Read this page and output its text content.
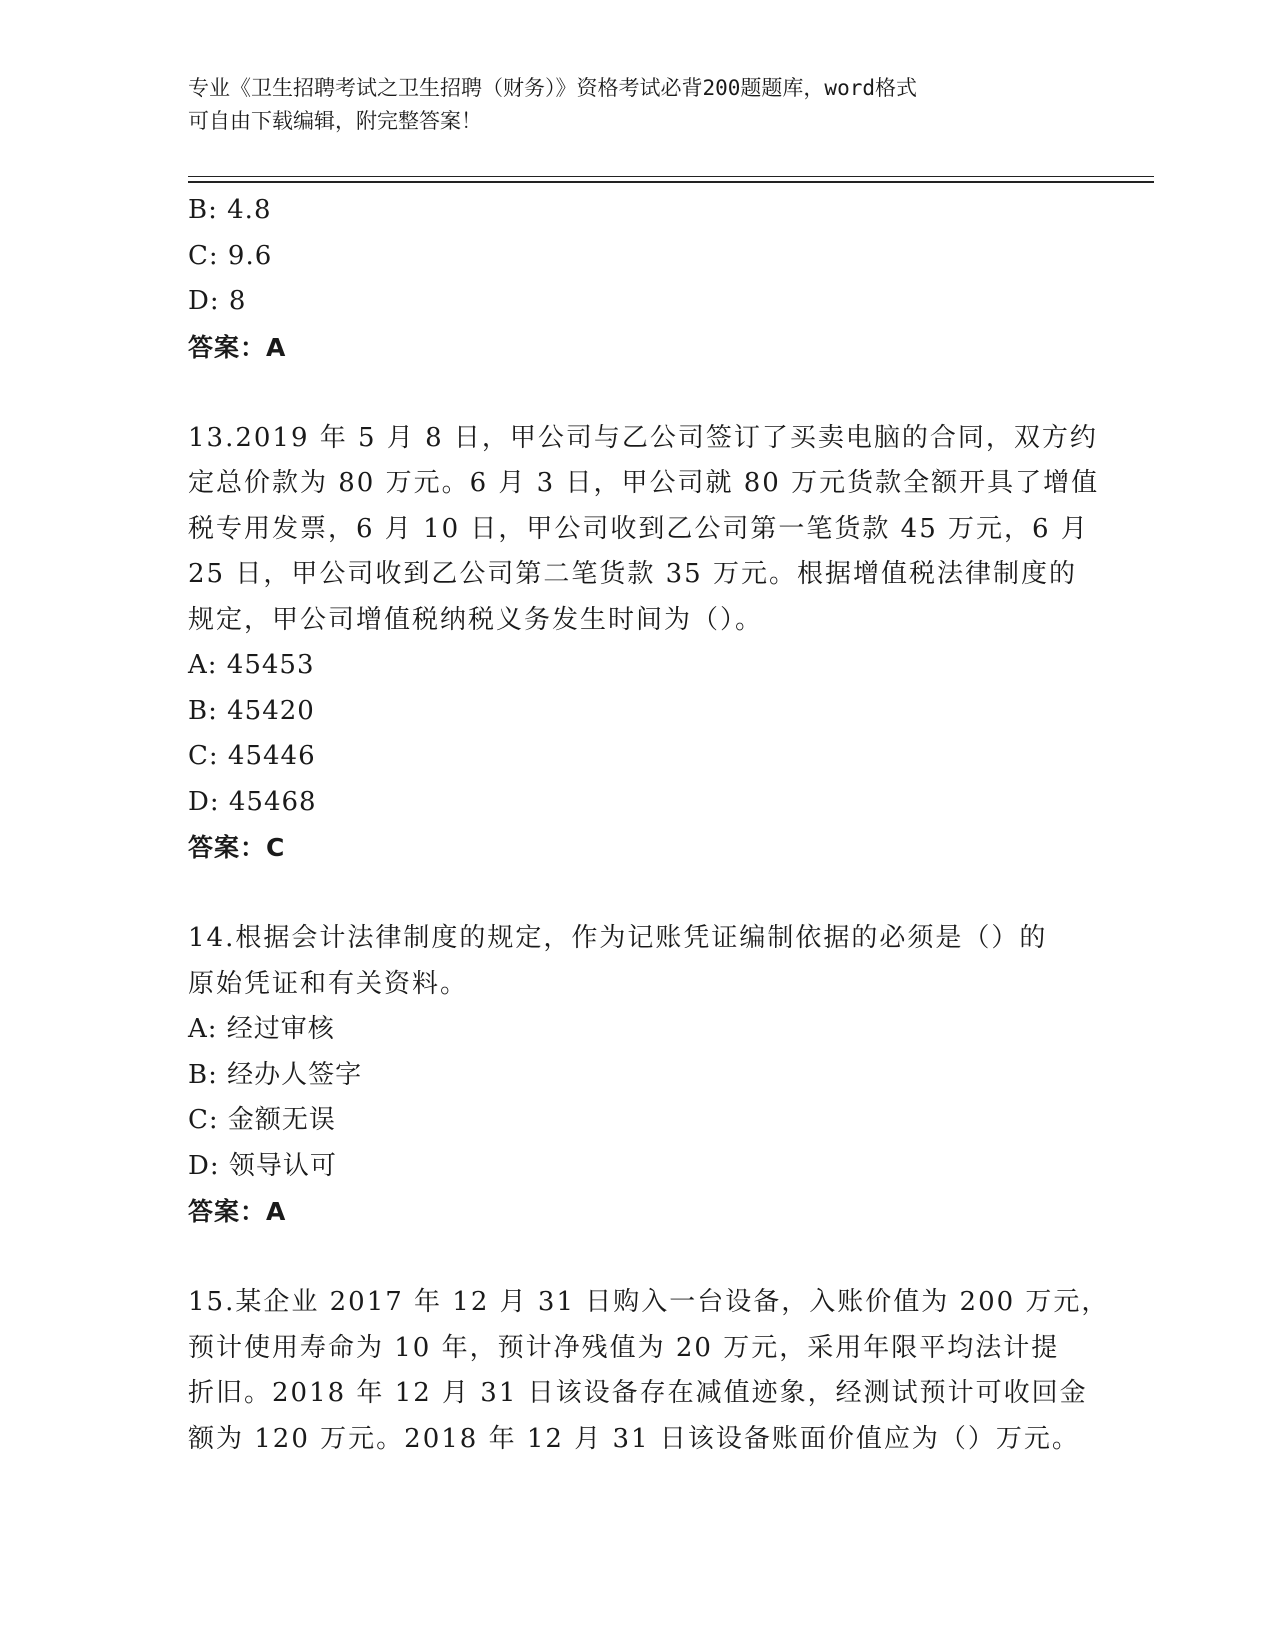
专业《卫生招聘考试之卫生招聘（财务）》资格考试必背200题题库，word格式
可自由下载编辑，附完整答案！
B: 4.8
C: 9.6
D: 8
答案：A
13.2019 年 5 月 8 日，甲公司与乙公司签订了买卖电脑的合同，双方约
定总价款为 80 万元。6 月 3 日，甲公司就 80 万元货款全额开具了增值
税专用发票，6 月 10 日，甲公司收到乙公司第一笔货款 45 万元，6 月
25 日，甲公司收到乙公司第二笔货款 35 万元。根据增值税法律制度的
规定，甲公司增值税纳税义务发生时间为（）。
A: 45453
B: 45420
C: 45446
D: 45468
答案：C
14.根据会计法律制度的规定，作为记账凭证编制依据的必须是（）的
原始凭证和有关资料。
A: 经过审核
B: 经办人签字
C: 金额无误
D: 领导认可
答案：A
15.某企业 2017 年 12 月 31 日购入一台设备，入账价值为 200 万元，
预计使用寿命为 10 年，预计净残值为 20 万元，采用年限平均法计提
折旧。2018 年 12 月 31 日该设备存在减值迹象，经测试预计可收回金
额为 120 万元。2018 年 12 月 31 日该设备账面价值应为（）万元。
